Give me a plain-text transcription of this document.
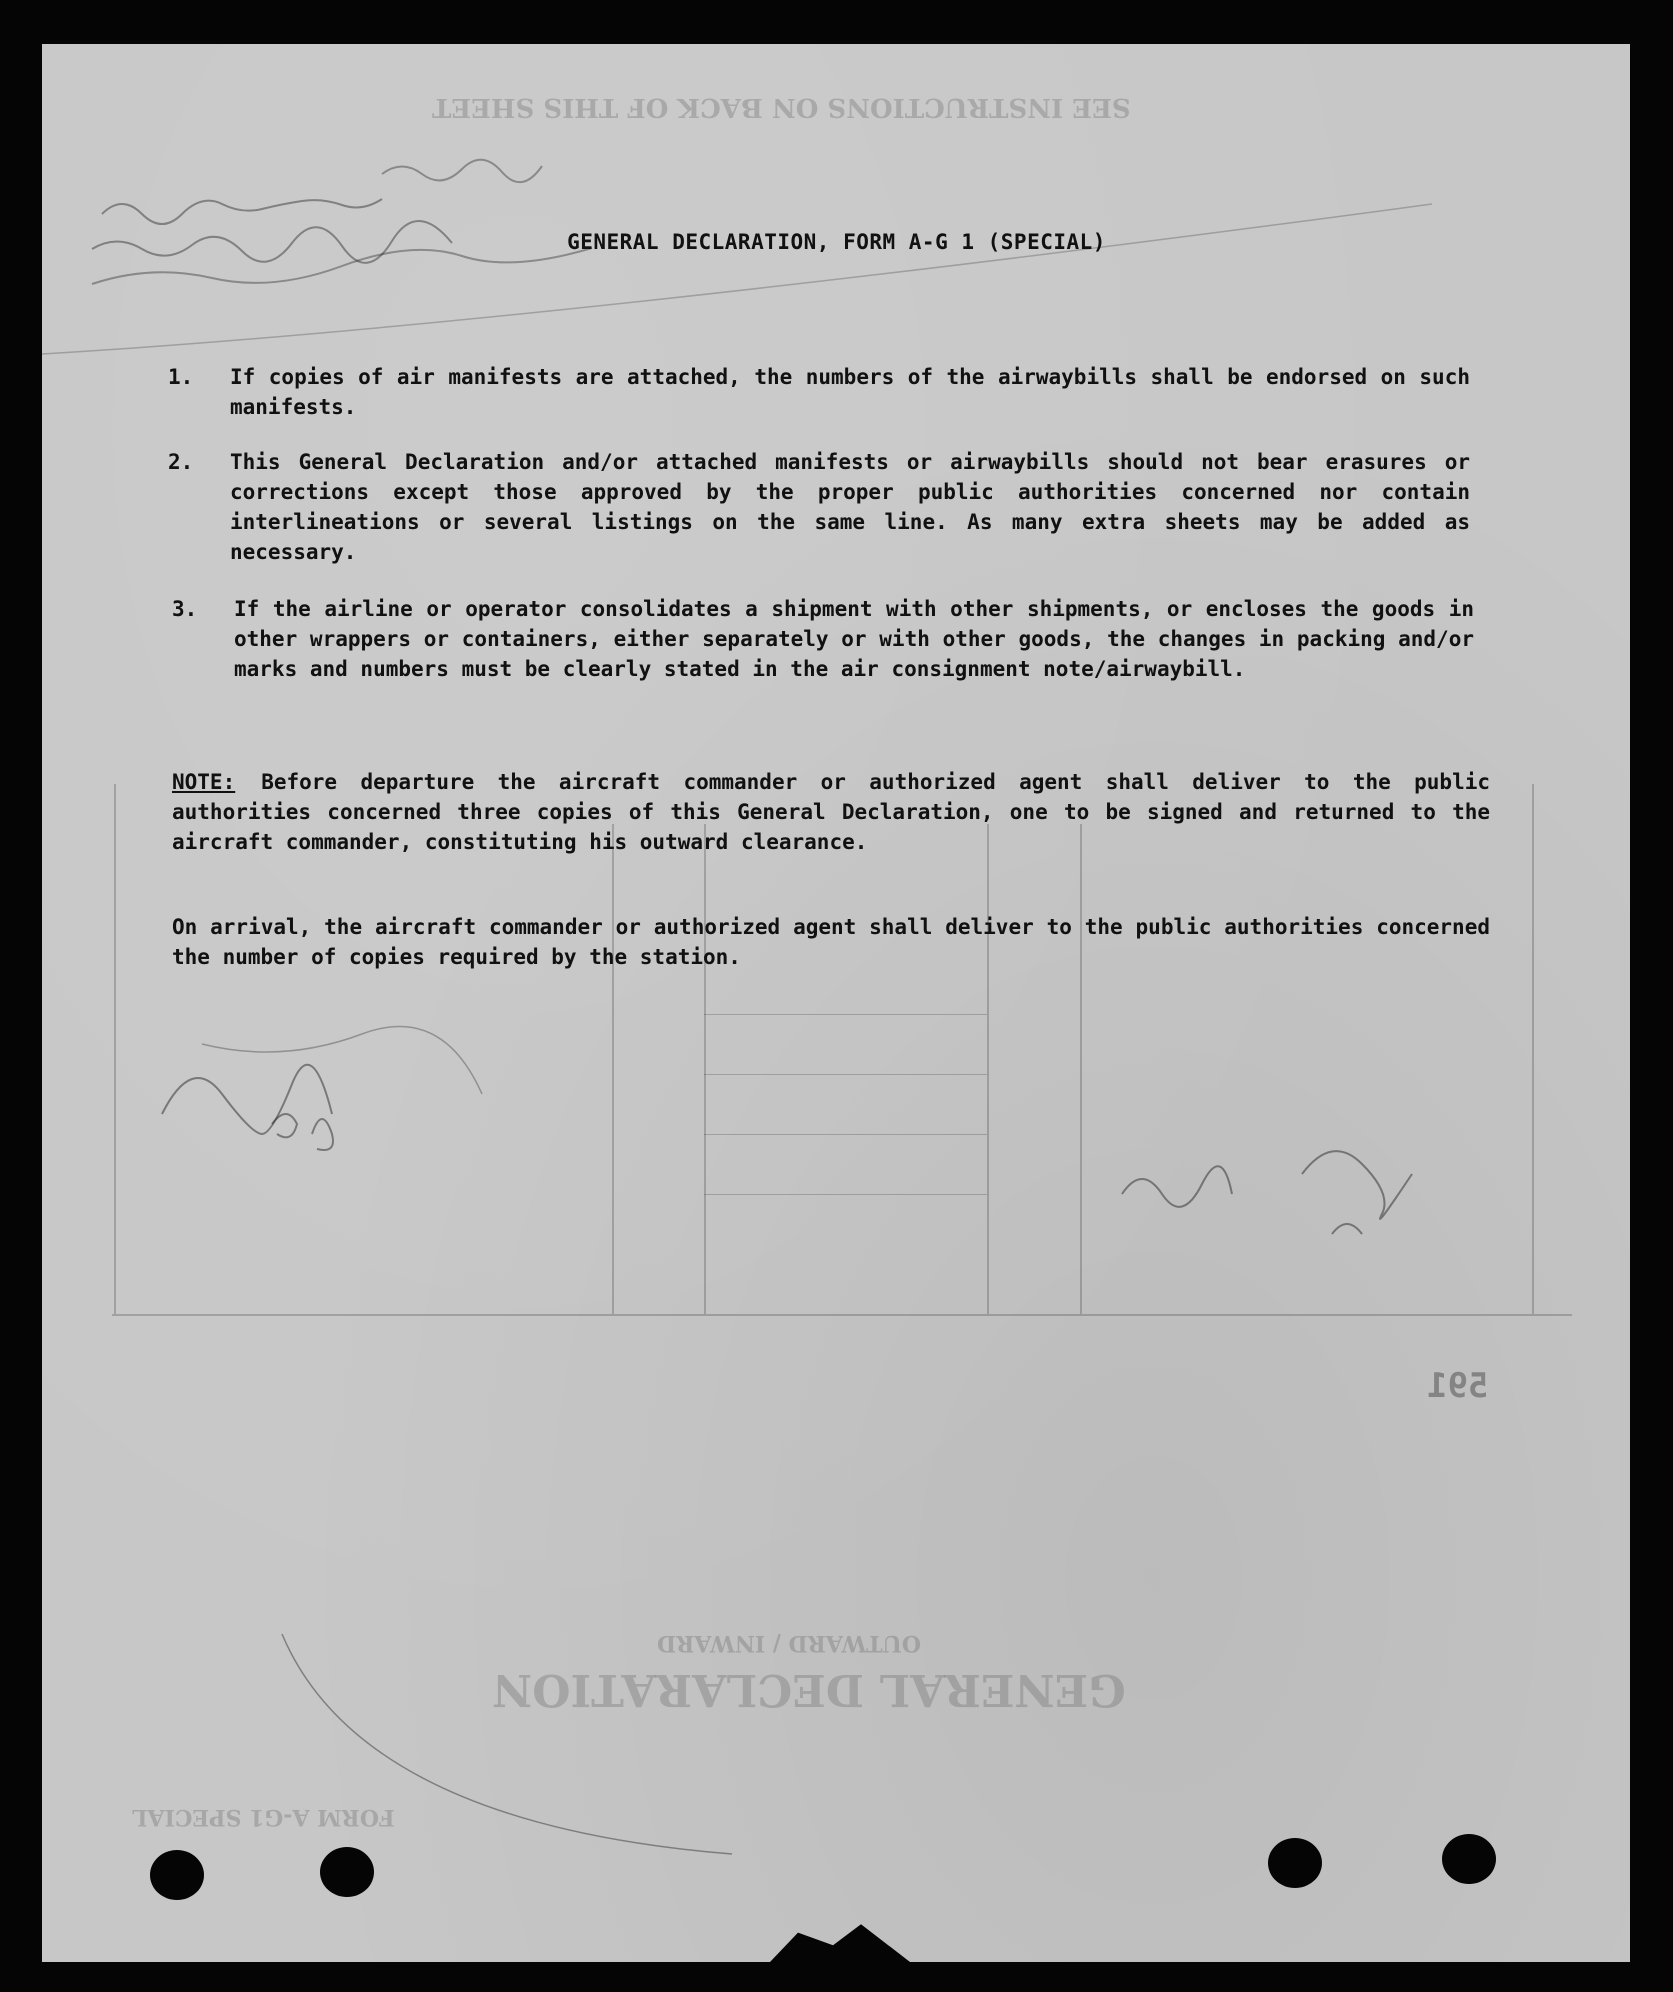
SEE INSTRUCTIONS ON BACK OF THIS SHEET
GENERAL DECLARATION
OUTWARD / INWARD
FORM A-G1 SPECIAL
591
GENERAL DECLARATION, FORM A-G 1 (SPECIAL)

1.

If copies of air manifests are attached, the numbers of the airwaybills shall be endorsed on such manifests.

2.

This General Declaration and/or attached manifests or airwaybills should not bear erasures or corrections except those approved by the proper public authorities concerned nor contain interlineations or several listings on the same line. As many extra sheets may be added as necessary.

3.

If the airline or operator consolidates a shipment with other shipments, or encloses the goods in other wrappers or containers, either separately or with other goods, the changes in packing and/or marks and numbers must be clearly stated in the air consignment note/airwaybill.

NOTE: Before departure the aircraft commander or authorized agent shall deliver to the public authorities concerned three copies of this General Declaration, one to be signed and returned to the aircraft commander, constituting his outward clearance.
On arrival, the aircraft commander or authorized agent shall deliver to the public authorities concerned the number of copies required by the station.
